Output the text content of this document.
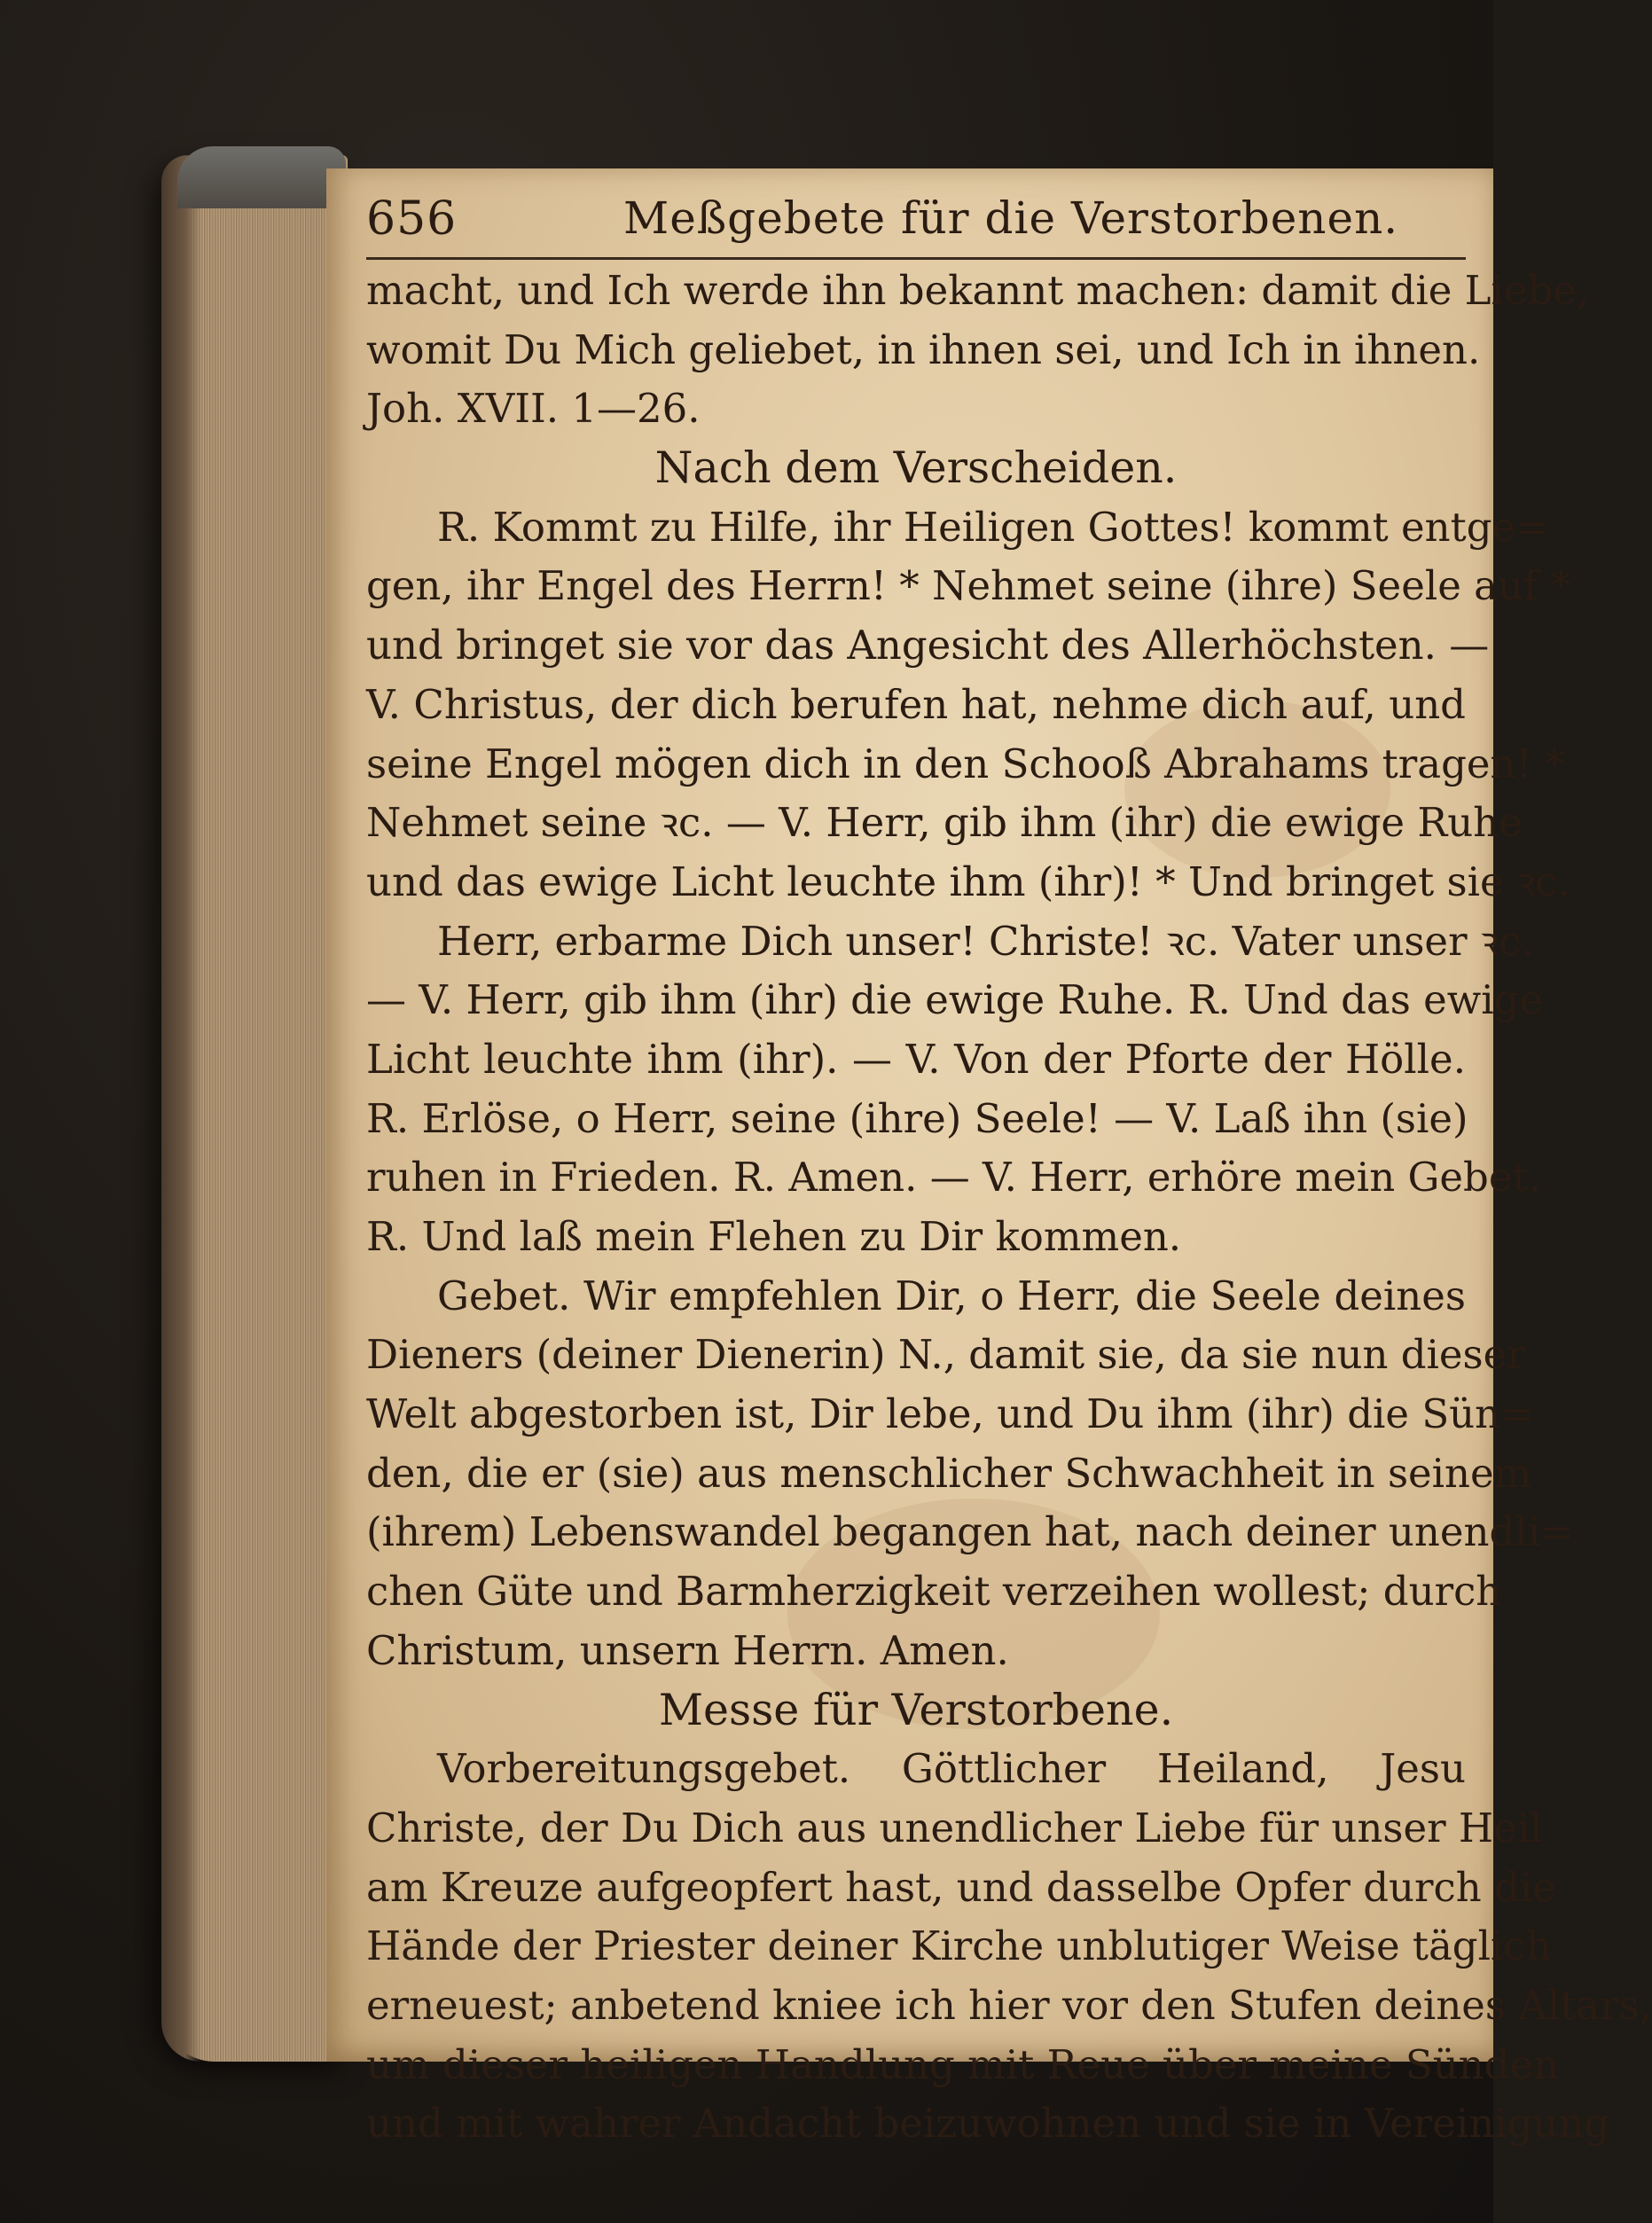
656	Meßgebete für die Verstorbenen.
macht, und Ich werde ihn bekannt machen: damit die Liebe,
womit Du Mich geliebet, in ihnen sei, und Ich in ihnen.
Joh. XVII. 1—26.
Nach dem Verscheiden.
R. Kommt zu Hilfe, ihr Heiligen Gottes! kommt entge=
gen, ihr Engel des Herrn! * Nehmet seine (ihre) Seele auf *
und bringet sie vor das Angesicht des Allerhöchsten. —
V. Christus, der dich berufen hat, nehme dich auf, und
seine Engel mögen dich in den Schooß Abrahams tragen! *
Nehmet seine ꝛc. — V. Herr, gib ihm (ihr) die ewige Ruhe
und das ewige Licht leuchte ihm (ihr)! * Und bringet sie ꝛc.
Herr, erbarme Dich unser! Christe! ꝛc. Vater unser ꝛc.
— V. Herr, gib ihm (ihr) die ewige Ruhe. R. Und das ewige
Licht leuchte ihm (ihr). — V. Von der Pforte der Hölle.
R. Erlöse, o Herr, seine (ihre) Seele! — V. Laß ihn (sie)
ruhen in Frieden. R. Amen. — V. Herr, erhöre mein Gebet.
R. Und laß mein Flehen zu Dir kommen.
Gebet. Wir empfehlen Dir, o Herr, die Seele deines
Dieners (deiner Dienerin) N., damit sie, da sie nun dieser
Welt abgestorben ist, Dir lebe, und Du ihm (ihr) die Sün=
den, die er (sie) aus menschlicher Schwachheit in seinem
(ihrem) Lebenswandel begangen hat, nach deiner unendli=
chen Güte und Barmherzigkeit verzeihen wollest; durch
Christum, unsern Herrn. Amen.
Messe für Verstorbene.
Vorbereitungsgebet. Göttlicher Heiland, Jesu
Christe, der Du Dich aus unendlicher Liebe für unser Heil
am Kreuze aufgeopfert hast, und dasselbe Opfer durch die
Hände der Priester deiner Kirche unblutiger Weise täglich
erneuest; anbetend kniee ich hier vor den Stufen deines Altars,
um dieser heiligen Handlung mit Reue über meine Sünden
und mit wahrer Andacht beizuwohnen und sie in Vereinigung
